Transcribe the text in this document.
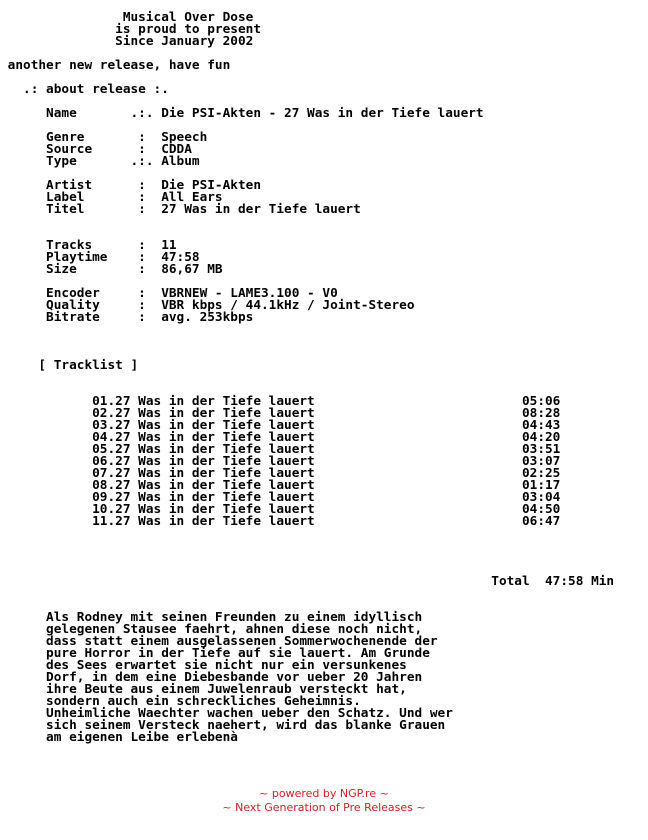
Musical Over Dose
is proud to present
Since January 2002
another new release, have fun
.: about release :.
Name       .:. Die PSI-Akten - 27 Was in der Tiefe lauert
Genre       :  Speech
Source      :  CDDA
Type       .:. Album
Artist      :  Die PSI-Akten
Label       :  All Ears
Titel       :  27 Was in der Tiefe lauert
Tracks      :  11
Playtime    :  47:58
Size        :  86,67 MB
Encoder     :  VBRNEW - LAME3.100 - V0
Quality     :  VBR kbps / 44.1kHz / Joint-Stereo
Bitrate     :  avg. 253kbps
[ Tracklist ]
01.27 Was in der Tiefe lauert                           05:06
02.27 Was in der Tiefe lauert                           08:28
03.27 Was in der Tiefe lauert                           04:43
04.27 Was in der Tiefe lauert                           04:20
05.27 Was in der Tiefe lauert                           03:51
06.27 Was in der Tiefe lauert                           03:07
07.27 Was in der Tiefe lauert                           02:25
08.27 Was in der Tiefe lauert                           01:17
09.27 Was in der Tiefe lauert                           03:04
10.27 Was in der Tiefe lauert                           04:50
11.27 Was in der Tiefe lauert                           06:47
Total  47:58 Min
Als Rodney mit seinen Freunden zu einem idyllisch
gelegenen Stausee faehrt, ahnen diese noch nicht,
dass statt einem ausgelassenen Sommerwochenende der
pure Horror in der Tiefe auf sie lauert. Am Grunde
des Sees erwartet sie nicht nur ein versunkenes
Dorf, in dem eine Diebesbande vor ueber 20 Jahren
ihre Beute aus einem Juwelenraub versteckt hat,
sondern auch ein schreckliches Geheimnis.
Unheimliche Waechter wachen ueber den Schatz. Und wer
sich seinem Versteck naehert, wird das blanke Grauen
am eigenen Leibe erlebenà
~ powered by NGP.re ~
~ Next Generation of Pre Releases ~
